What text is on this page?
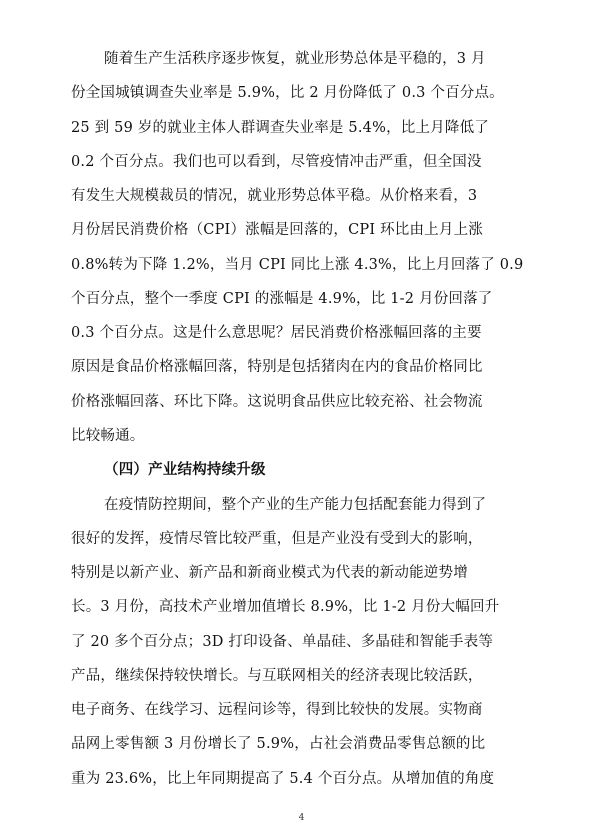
随着生产生活秩序逐步恢复，就业形势总体是平稳的，3 月
份全国城镇调查失业率是 5.9%，比 2 月份降低了 0.3 个百分点。
25 到 59 岁的就业主体人群调查失业率是 5.4%，比上月降低了
0.2 个百分点。我们也可以看到，尽管疫情冲击严重，但全国没
有发生大规模裁员的情况，就业形势总体平稳。从价格来看，3
月份居民消费价格（CPI）涨幅是回落的，CPI 环比由上月上涨
0.8%转为下降 1.2%，当月 CPI 同比上涨 4.3%，比上月回落了 0.9
个百分点，整个一季度 CPI 的涨幅是 4.9%，比 1-2 月份回落了
0.3 个百分点。这是什么意思呢？居民消费价格涨幅回落的主要
原因是食品价格涨幅回落，特别是包括猪肉在内的食品价格同比
价格涨幅回落、环比下降。这说明食品供应比较充裕、社会物流
比较畅通。
（四）产业结构持续升级
在疫情防控期间，整个产业的生产能力包括配套能力得到了
很好的发挥，疫情尽管比较严重，但是产业没有受到大的影响，
特别是以新产业、新产品和新商业模式为代表的新动能逆势增
长。3 月份，高技术产业增加值增长 8.9%，比 1-2 月份大幅回升
了 20 多个百分点；3D 打印设备、单晶硅、多晶硅和智能手表等
产品，继续保持较快增长。与互联网相关的经济表现比较活跃，
电子商务、在线学习、远程问诊等，得到比较快的发展。实物商
品网上零售额 3 月份增长了 5.9%，占社会消费品零售总额的比
重为 23.6%，比上年同期提高了 5.4 个百分点。从增加值的角度
4
